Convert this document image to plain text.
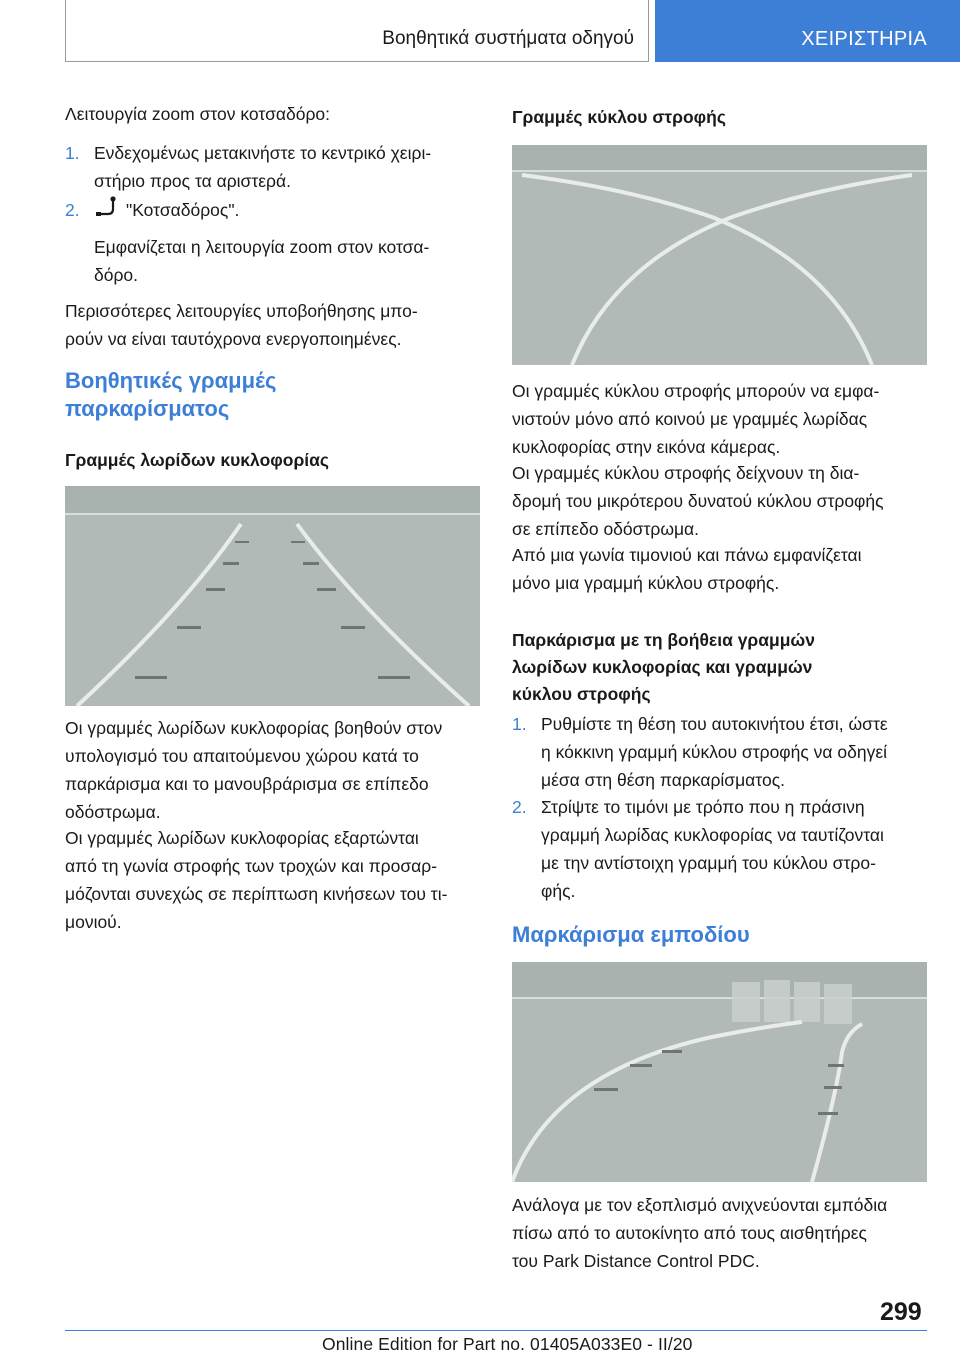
Βοηθητικά συστήματα οδηγού	ΧΕΙΡΙΣΤΗΡΙΑ
Λειτουργία zoom στον κοτσαδόρο:
1. Ενδεχομένως μετακινήστε το κεντρικό χειρι-
στήριο προς τα αριστερά.
2.	"Κοτσαδόρος".
Εμφανίζεται η λειτουργία zoom στον κοτσα-
δόρο.
Περισσότερες λειτουργίες υποβοήθησης μπο-
ρούν να είναι ταυτόχρονα ενεργοποιημένες.
Βοηθητικές γραμμές
παρκαρίσματος
Γραμμές λωρίδων κυκλοφορίας
Οι γραμμές λωρίδων κυκλοφορίας βοηθούν στον
υπολογισμό του απαιτούμενου χώρου κατά το
παρκάρισμα και το μανουβράρισμα σε επίπεδο
οδόστρωμα.
Οι γραμμές λωρίδων κυκλοφορίας εξαρτώνται
από τη γωνία στροφής των τροχών και προσαρ-
μόζονται συνεχώς σε περίπτωση κινήσεων του τι-
μονιού.
Γραμμές κύκλου στροφής
Οι γραμμές κύκλου στροφής μπορούν να εμφα-
νιστούν μόνο από κοινού με γραμμές λωρίδας
κυκλοφορίας στην εικόνα κάμερας.
Οι γραμμές κύκλου στροφής δείχνουν τη δια-
δρομή του μικρότερου δυνατού κύκλου στροφής
σε επίπεδο οδόστρωμα.
Από μια γωνία τιμονιού και πάνω εμφανίζεται
μόνο μια γραμμή κύκλου στροφής.
Παρκάρισμα με τη βοήθεια γραμμών
λωρίδων κυκλοφορίας και γραμμών
κύκλου στροφής
1. Ρυθμίστε τη θέση του αυτοκινήτου έτσι, ώστε
η κόκκινη γραμμή κύκλου στροφής να οδηγεί
μέσα στη θέση παρκαρίσματος.
2. Στρίψτε το τιμόνι με τρόπο που η πράσινη
γραμμή λωρίδας κυκλοφορίας να ταυτίζονται
με την αντίστοιχη γραμμή του κύκλου στρο-
φής.
Μαρκάρισμα εμποδίου
Ανάλογα με τον εξοπλισμό ανιχνεύονται εμπόδια
πίσω από το αυτοκίνητο από τους αισθητήρες
του Park Distance Control PDC.
299
Online Edition for Part no. 01405A033E0 - II/20
